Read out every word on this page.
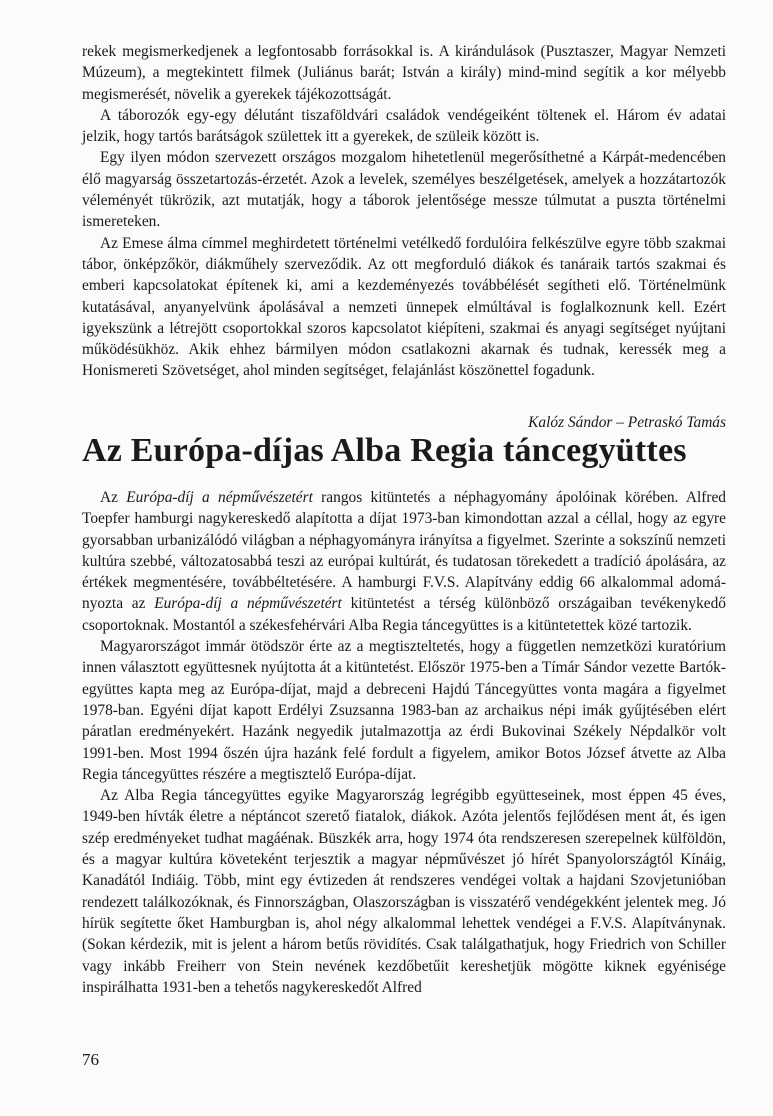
rekek megismerkedjenek a legfontosabb forrásokkal is. A kirándulások (Pusztaszer, Magyar Nemzeti Múzeum), a megtekintett filmek (Juliánus barát; István a király) mind-mind segítik a kor mélyebb megismerését, növelik a gyerekek tájékozottságát.

A táborozók egy-egy délutánt tiszaföldvári családok vendégeiként töltenek el. Három év adatai jelzik, hogy tartós barátságok születtek itt a gyerekek, de szüleik között is.

Egy ilyen módon szervezett országos mozgalom hihetetlenül megerősíthetné a Kárpát-medencében élő magyarság összetartozás-érzetét. Azok a levelek, személyes beszélgetések, amelyek a hozzátartozók véleményét tükrözik, azt mutatják, hogy a táborok jelentősége messze túlmutat a puszta történelmi ismereteken.

Az Emese álma címmel meghirdetett történelmi vetélkedő fordulóira felkészülve egyre több szakmai tábor, önképzőkör, diákműhely szerveződik. Az ott megforduló diákok és tanáraik tartós szakmai és emberi kapcsolatokat építenek ki, ami a kezdeményezés továbbélését segítheti elő. Történelmünk kutatásával, anyanyelvünk ápolásával a nemzeti ünnepek elmúltával is foglalkoznunk kell. Ezért igyekszünk a létrejött csoportokkal szoros kapcsolatot kiépíteni, szakmai és anyagi segítséget nyújtani működésükhöz. Akik ehhez bármilyen módon csatlakozni akarnak és tudnak, keressék meg a Honismereti Szövetséget, ahol minden segítséget, felajánlást köszönettel fogadunk.

Kalóz Sándor – Petraskó Tamás
Az Európa-díjas Alba Regia táncegyüttes

Az Európa-díj a népművészetért rangos kitüntetés a néphagyomány ápolóinak körében. Alfred Toepfer hamburgi nagykereskedő alapította a díjat 1973-ban kimondottan azzal a céllal, hogy az egyre gyorsabban urbanizálódó világban a néphagyományra irányítsa a figyelmet. Szerinte a sokszínű nemzeti kultúra szebbé, változatosabbá teszi az európai kultúrát, és tudatosan törekedett a tradíció ápolására, az értékek megmentésére, továbbéltetésére. A hamburgi F.V.S. Alapítvány eddig 66 alkalommal adományozta az Európa-díj a népművészetért kitüntetést a térség különböző országaiban tevékenykedő csoportoknak. Mostantól a székesfehérvári Alba Regia táncegyüttes is a kitüntetettek közé tartozik.

Magyarországot immár ötödször érte az a megtiszteltetés, hogy a független nemzetközi kuratórium innen választott együttesnek nyújtotta át a kitüntetést. Először 1975-ben a Tímár Sándor vezette Bartók-együttes kapta meg az Európa-díjat, majd a debreceni Hajdú Táncegyüttes vonta magára a figyelmet 1978-ban. Egyéni díjat kapott Erdélyi Zsuzsanna 1983-ban az archaikus népi imák gyűjtésében elért páratlan eredményekért. Hazánk negyedik jutalmazottja az érdi Bukovinai Székely Népdalkör volt 1991-ben. Most 1994 őszén újra hazánk felé fordult a figyelem, amikor Botos József átvette az Alba Regia táncegyüttes részére a megtisztelő Európa-díjat.

Az Alba Regia táncegyüttes egyike Magyarország legrégibb együtteseinek, most éppen 45 éves, 1949-ben hívták életre a néptáncot szerető fiatalok, diákok. Azóta jelentős fejlődésen ment át, és igen szép eredményeket tudhat magáénak. Büszkék arra, hogy 1974 óta rendszeresen szerepelnek külföldön, és a magyar kultúra követeként terjesztik a magyar népművészet jó hírét Spanyolországtól Kínáig, Kanadától Indiáig. Több, mint egy évtizeden át rendszeres vendégei voltak a hajdani Szovjetunióban rendezett találkozóknak, és Finnországban, Olaszországban is visszatérő vendégekként jelentek meg. Jó hírük segítette őket Hamburgban is, ahol négy alkalommal lehettek vendégei a F.V.S. Alapítványnak. (Sokan kérdezik, mit is jelent a három betűs rövidítés. Csak találgathatjuk, hogy Friedrich von Schiller vagy inkább Freiherr von Stein nevének kezdőbetűit kereshetjük mögötte kiknek egyénisége inspirálhatta 1931-ben a tehetős nagykereskedőt Alfred

76
